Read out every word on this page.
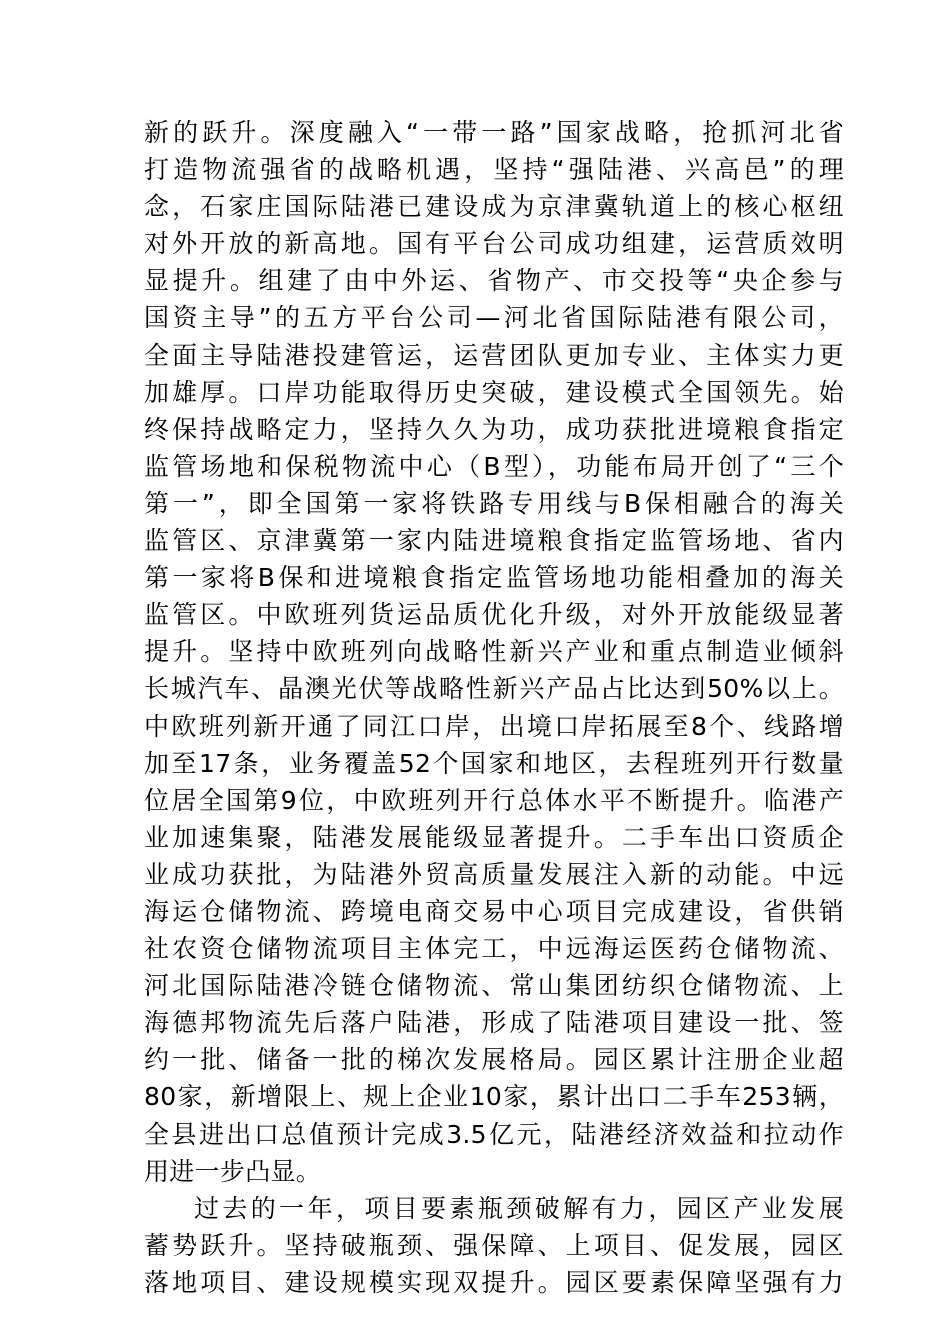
新的跃升。深度融入“一带一路”国家战略，抢抓河北省
打造物流强省的战略机遇，坚持“强陆港、兴高邑”的理
念，石家庄国际陆港已建设成为京津冀轨道上的核心枢纽
对外开放的新高地。国有平台公司成功组建，运营质效明
显提升。组建了由中外运、省物产、市交投等“央企参与
国资主导”的五方平台公司—河北省国际陆港有限公司，
全面主导陆港投建管运，运营团队更加专业、主体实力更
加雄厚。口岸功能取得历史突破，建设模式全国领先。始
终保持战略定力，坚持久久为功，成功获批进境粮食指定
监管场地和保税物流中心（B型），功能布局开创了“三个
第一”，即全国第一家将铁路专用线与B保相融合的海关
监管区、京津冀第一家内陆进境粮食指定监管场地、省内
第一家将B保和进境粮食指定监管场地功能相叠加的海关
监管区。中欧班列货运品质优化升级，对外开放能级显著
提升。坚持中欧班列向战略性新兴产业和重点制造业倾斜
长城汽车、晶澳光伏等战略性新兴产品占比达到50%以上。
中欧班列新开通了同江口岸，出境口岸拓展至8个、线路增
加至17条，业务覆盖52个国家和地区，去程班列开行数量
位居全国第9位，中欧班列开行总体水平不断提升。临港产
业加速集聚，陆港发展能级显著提升。二手车出口资质企
业成功获批，为陆港外贸高质量发展注入新的动能。中远
海运仓储物流、跨境电商交易中心项目完成建设，省供销
社农资仓储物流项目主体完工，中远海运医药仓储物流、
河北国际陆港冷链仓储物流、常山集团纺织仓储物流、上
海德邦物流先后落户陆港，形成了陆港项目建设一批、签
约一批、储备一批的梯次发展格局。园区累计注册企业超
80家，新增限上、规上企业10家，累计出口二手车253辆，
全县进出口总值预计完成3.5亿元，陆港经济效益和拉动作
用进一步凸显。
过去的一年，项目要素瓶颈破解有力，园区产业发展
蓄势跃升。坚持破瓶颈、强保障、上项目、促发展，园区
落地项目、建设规模实现双提升。园区要素保障坚强有力
